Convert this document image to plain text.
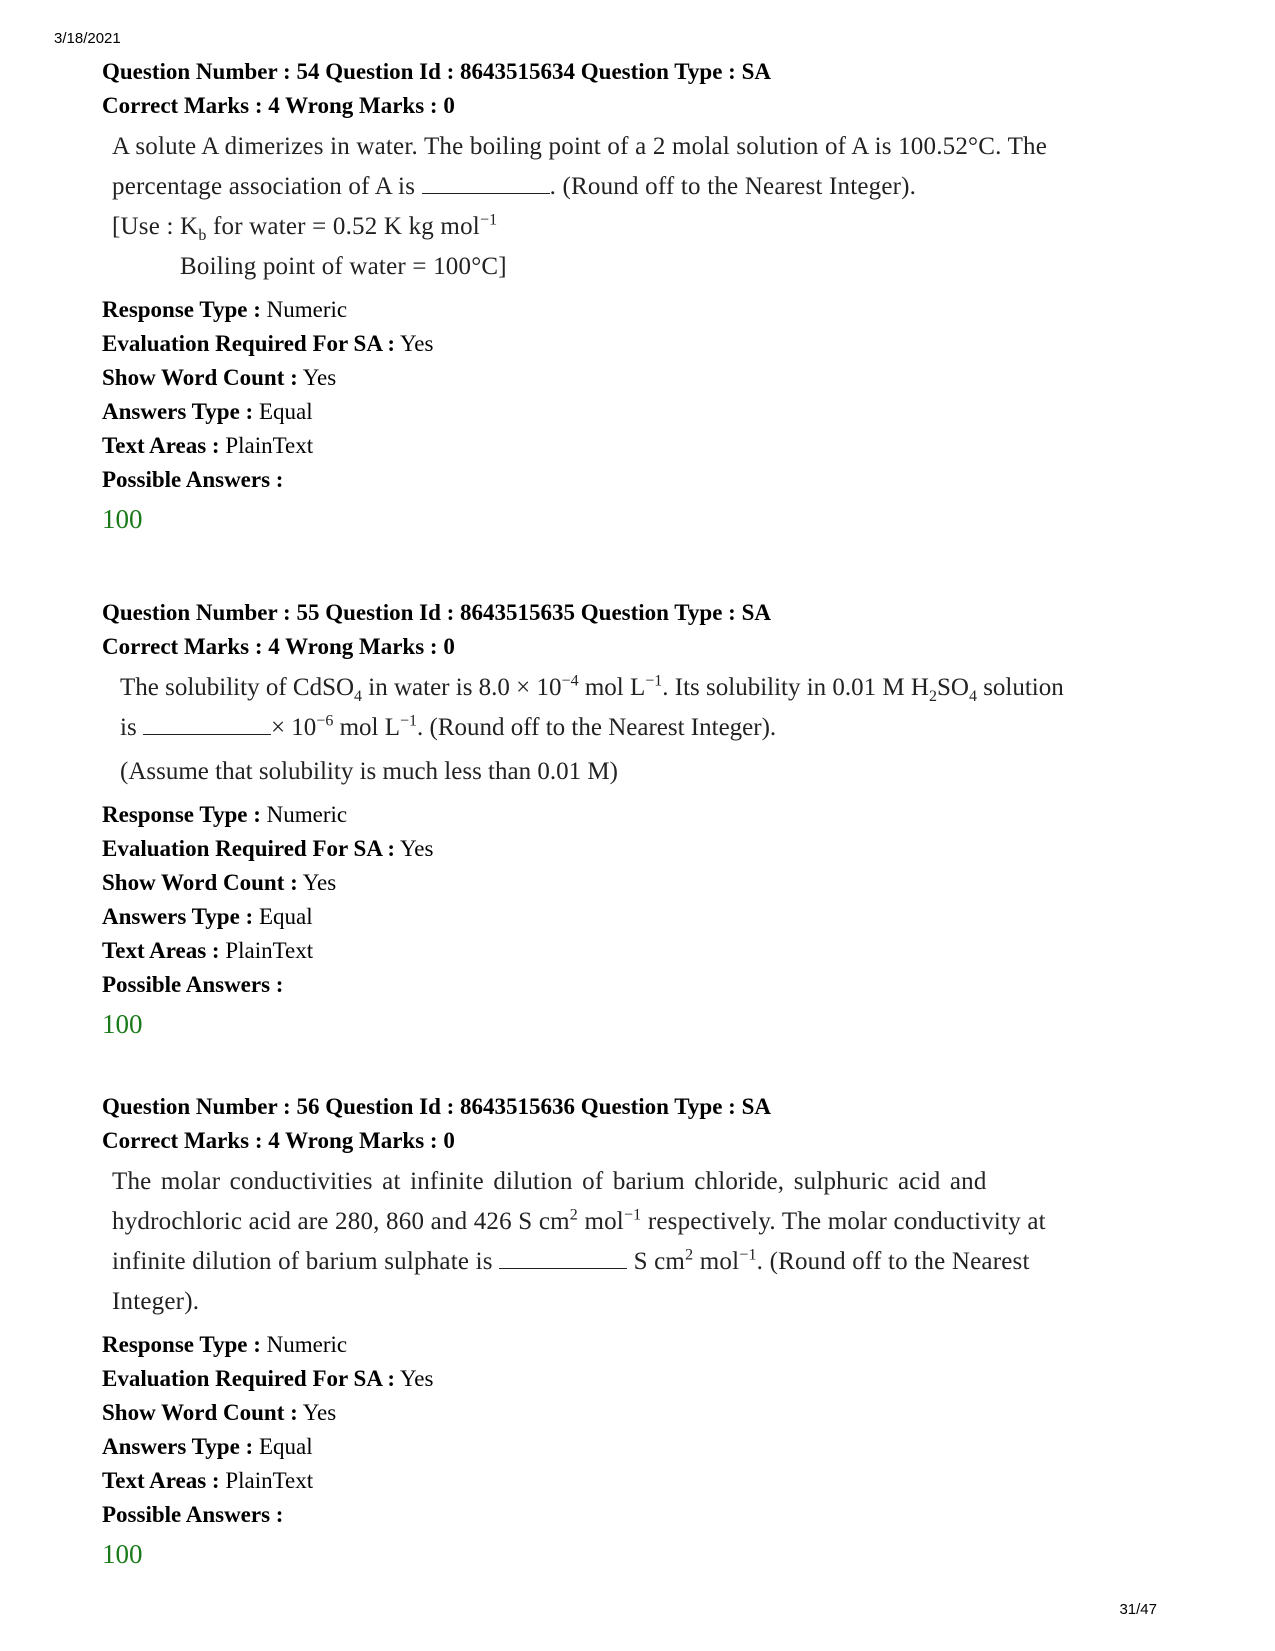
3/18/2021
Question Number : 54 Question Id : 8643515634 Question Type : SA
Correct Marks : 4 Wrong Marks : 0
A solute A dimerizes in water. The boiling point of a 2 molal solution of A is 100.52°C. The
percentage association of A is	. (Round off to the Nearest Integer).
[Use : $K_b$ for water = 0.52 K kg mol$^{-1}$
Boiling point of water = 100°C]
Response Type : Numeric
Evaluation Required For SA : Yes
Show Word Count : Yes
Answers Type : Equal
Text Areas : PlainText
Possible Answers :
100
Question Number : 55 Question Id : 8643515635 Question Type : SA
Correct Marks : 4 Wrong Marks : 0
The solubility of CdSO$_4$ in water is $8.0 \times 10^{-4}$ mol $L^{-1}$. Its solubility in 0.01 M $H_2SO_4$ solution
is	× $10^{-6}$ mol $L^{-1}$. (Round off to the Nearest Integer).
(Assume that solubility is much less than 0.01 M)
Response Type : Numeric
Evaluation Required For SA : Yes
Show Word Count : Yes
Answers Type : Equal
Text Areas : PlainText
Possible Answers :
100
Question Number : 56 Question Id : 8643515636 Question Type : SA
Correct Marks : 4 Wrong Marks : 0
The molar conductivities at infinite dilution of barium chloride, sulphuric acid and
hydrochloric acid are 280, 860 and 426 S $cm^2$ mol$^{-1}$ respectively. The molar conductivity at
infinite dilution of barium sulphate is	S $cm^2$ mol$^{-1}$. (Round off to the Nearest
Integer).
Response Type : Numeric
Evaluation Required For SA : Yes
Show Word Count : Yes
Answers Type : Equal
Text Areas : PlainText
Possible Answers :
100
31/47
